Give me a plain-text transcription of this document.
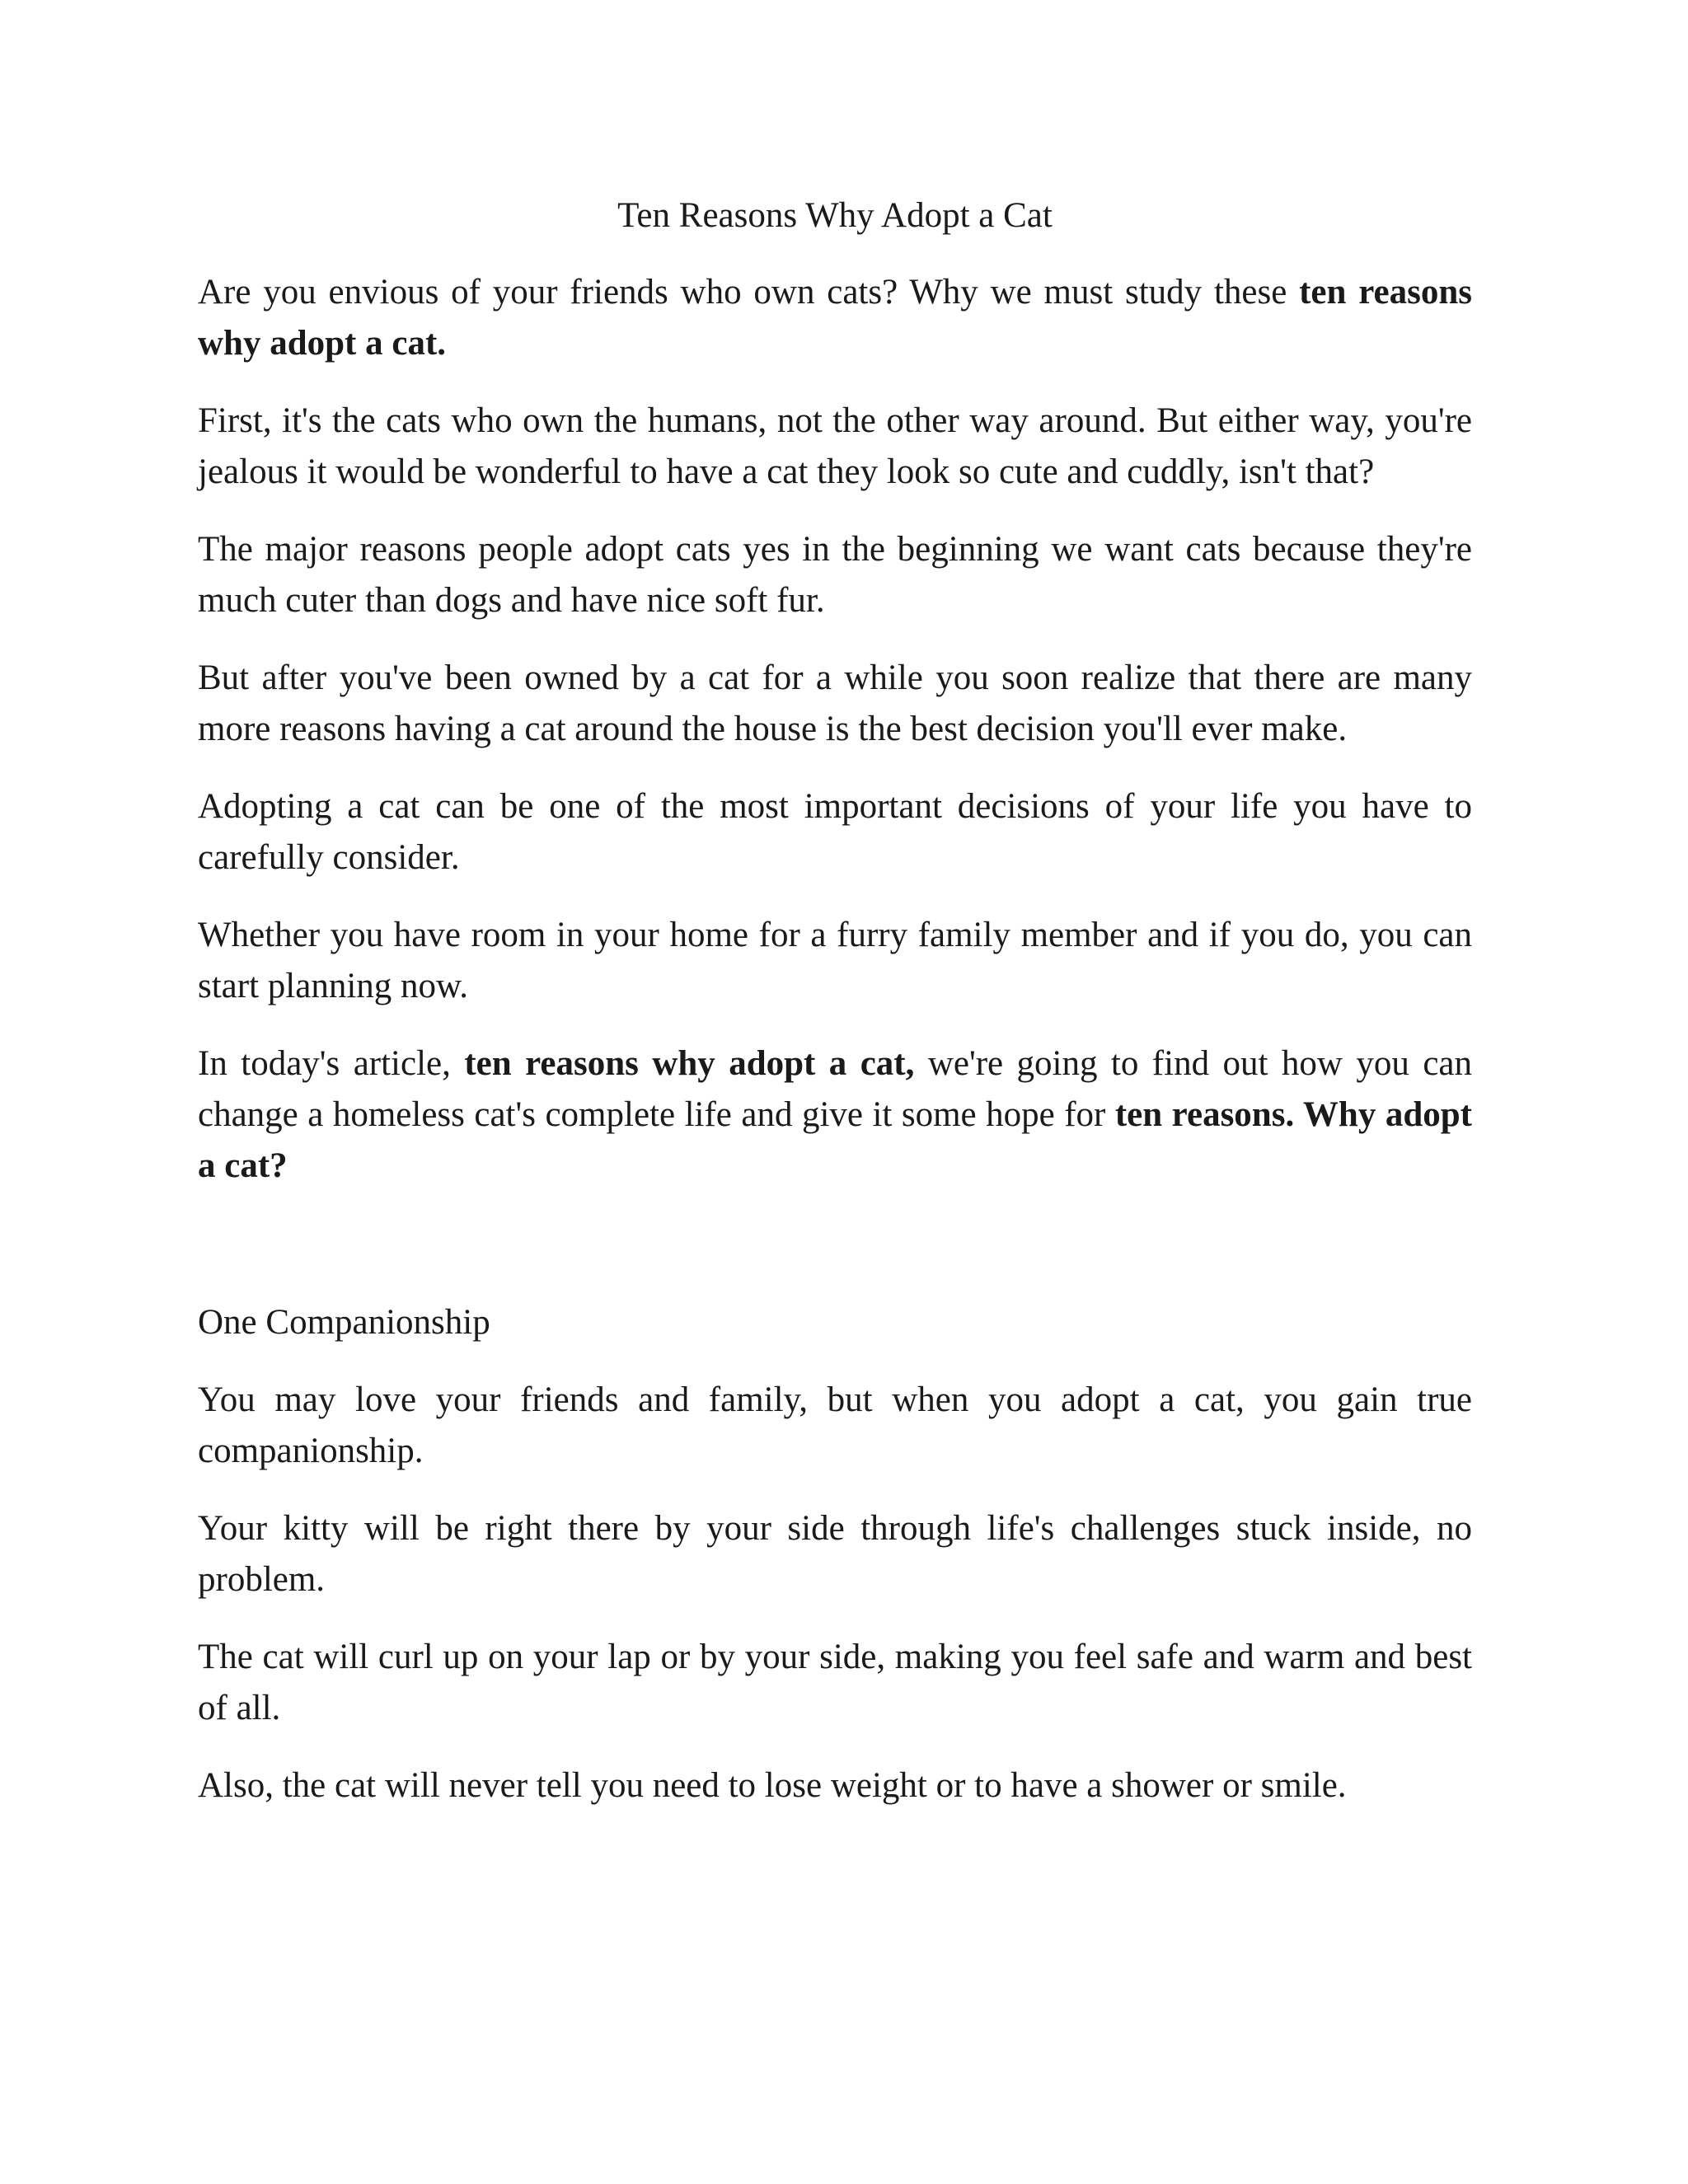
Ten Reasons Why Adopt a Cat

Are you envious of your friends who own cats? Why we must study these ten reasons why adopt a cat.

First, it's the cats who own the humans, not the other way around. But either way, you're jealous it would be wonderful to have a cat they look so cute and cuddly, isn't that?

The major reasons people adopt cats yes in the beginning we want cats because they're much cuter than dogs and have nice soft fur.

But after you've been owned by a cat for a while you soon realize that there are many more reasons having a cat around the house is the best decision you'll ever make.

Adopting a cat can be one of the most important decisions of your life you have to carefully consider.

Whether you have room in your home for a furry family member and if you do, you can start planning now.

In today's article, ten reasons why adopt a cat, we're going to find out how you can change a homeless cat's complete life and give it some hope for ten reasons. Why adopt a cat?

One Companionship

You may love your friends and family, but when you adopt a cat, you gain true companionship.

Your kitty will be right there by your side through life's challenges stuck inside, no problem.

The cat will curl up on your lap or by your side, making you feel safe and warm and best of all.

Also, the cat will never tell you need to lose weight or to have a shower or smile.
